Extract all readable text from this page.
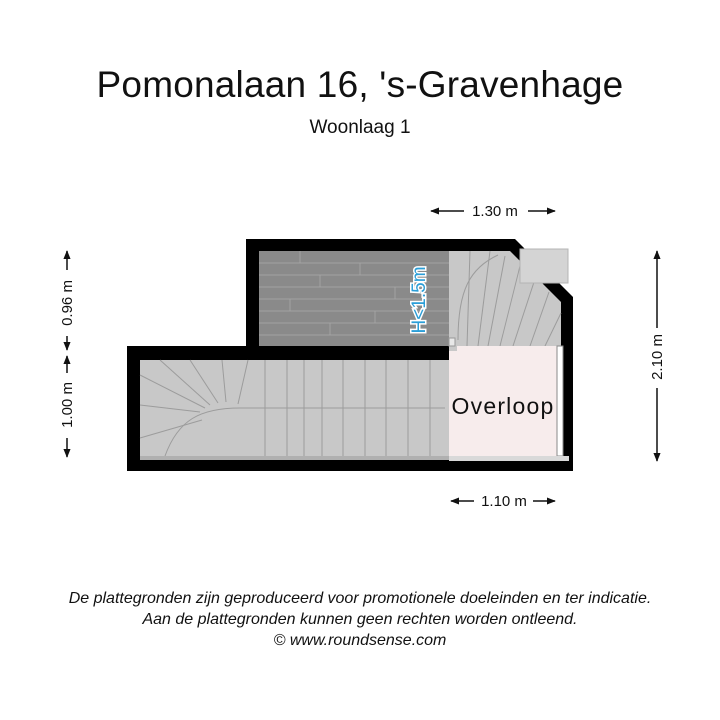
Pomonalaan 16, 's-Gravenhage
Woonlaag 1
Overloop
H<1.5m
1.30 m
1.10 m
2.10 m
0.96 m
1.00 m
De plattegronden zijn geproduceerd voor promotionele doeleinden en ter indicatie.
Aan de plattegronden kunnen geen rechten worden ontleend.
© www.roundsense.com
